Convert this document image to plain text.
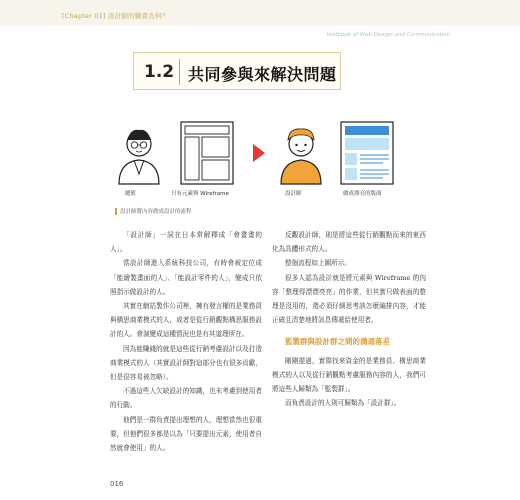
[Chapter 01] 設計師的職責為何？
textbook of Web Design and Communication
1.2 共同參與來解決問題
總監	只有元素與 Wireframe	設計師	做成漂亮的版面
設計師將內容做成設計的流程

「設計師」一詞在日本常解釋成「會畫畫的人」。

當設計師進入系統科技公司，有時會被定位成「能繪製畫面的人」、「能設計零件的人」，變成只依照指示做設計的人。

其實在網站製作公司裡，擁有發言權的是業務員與構思商業模式的人，或者是從行銷觀點構思服務設計的人。會演變成這種情況也是有其道理所在。

因為能賺錢的就是這些從行銷考慮設計以及打造商業模式的人（其實設計師對這部分也有很多貢獻，但是很容易被忽略）。

不過這些人欠缺設計的知識，也未考慮到使用者的行動。

他們是一群負責提出理想的人，理想當然也很重要，但他們很多都是以為「只要提出元素，使用者自然就會使用」的人。

反觀設計師，則是將這些從行銷觀點而來的東西化為具體形式的人。

整個流程如上圖所示。

很多人認為設計就是將元素與 Wireframe 的內容「整理得漂漂亮亮」的作業，但其實只做表面的整理是沒用的，還必須仔細思考該怎麼編排內容，才能正確且清楚地將訊息傳遞給使用者。

監製群與設計群之間的溝通落差

剛剛提過，實際找來資金的是業務員、構思商業模式的人以及從行銷觀點考慮服務內容的人，我們可將這些人歸類為「監製群」。

而負責設計的人則可歸類為「設計群」。

016
